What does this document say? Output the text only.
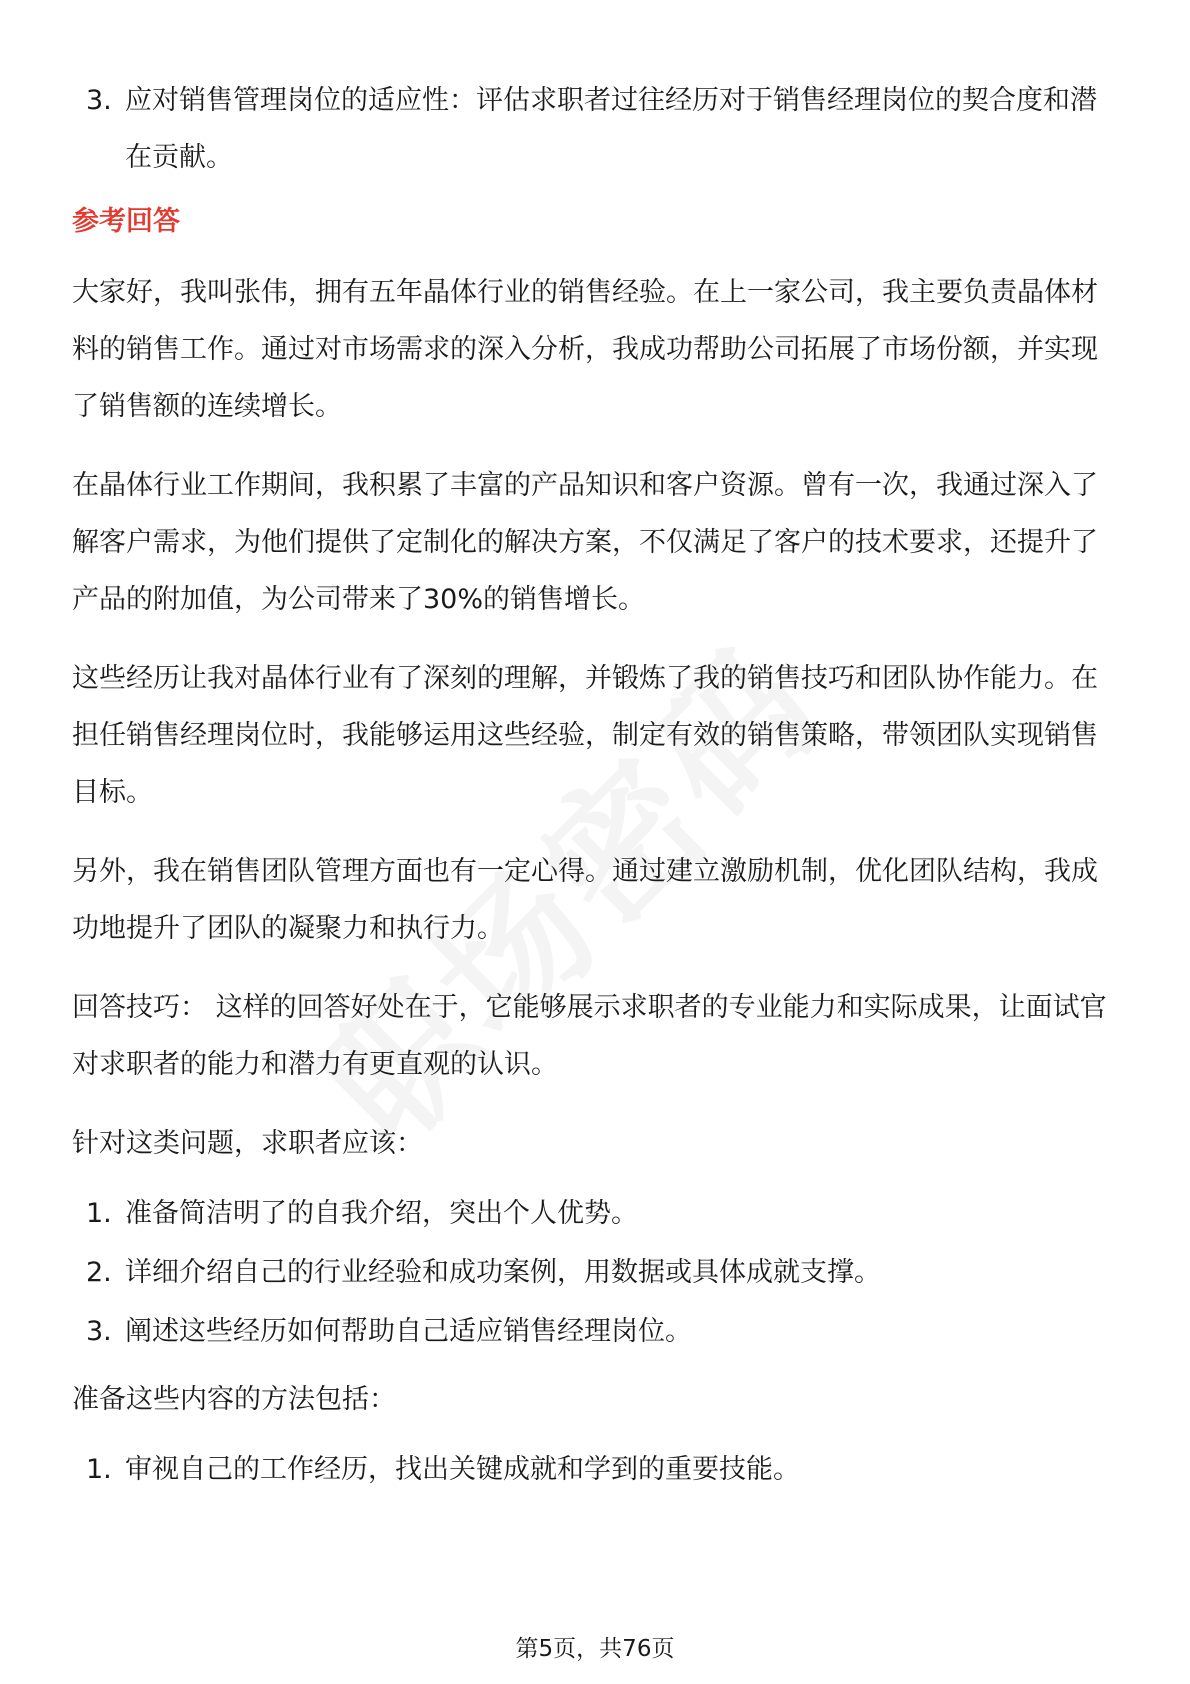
3. 应对销售管理岗位的适应性：评估求职者过往经历对于销售经理岗位的契合度和潜在贡献。
参考回答
大家好，我叫张伟，拥有五年晶体行业的销售经验。在上一家公司，我主要负责晶体材料的销售工作。通过对市场需求的深入分析，我成功帮助公司拓展了市场份额，并实现了销售额的连续增长。
在晶体行业工作期间，我积累了丰富的产品知识和客户资源。曾有一次，我通过深入了解客户需求，为他们提供了定制化的解决方案，不仅满足了客户的技术要求，还提升了产品的附加值，为公司带来了30%的销售增长。
这些经历让我对晶体行业有了深刻的理解，并锻炼了我的销售技巧和团队协作能力。在担任销售经理岗位时，我能够运用这些经验，制定有效的销售策略，带领团队实现销售目标。
另外，我在销售团队管理方面也有一定心得。通过建立激励机制，优化团队结构，我成功地提升了团队的凝聚力和执行力。
回答技巧： 这样的回答好处在于，它能够展示求职者的专业能力和实际成果，让面试官对求职者的能力和潜力有更直观的认识。
针对这类问题，求职者应该：
1. 准备简洁明了的自我介绍，突出个人优势。
2. 详细介绍自己的行业经验和成功案例，用数据或具体成就支撑。
3. 阐述这些经历如何帮助自己适应销售经理岗位。
准备这些内容的方法包括：
1. 审视自己的工作经历，找出关键成就和学到的重要技能。
第5页，共76页
